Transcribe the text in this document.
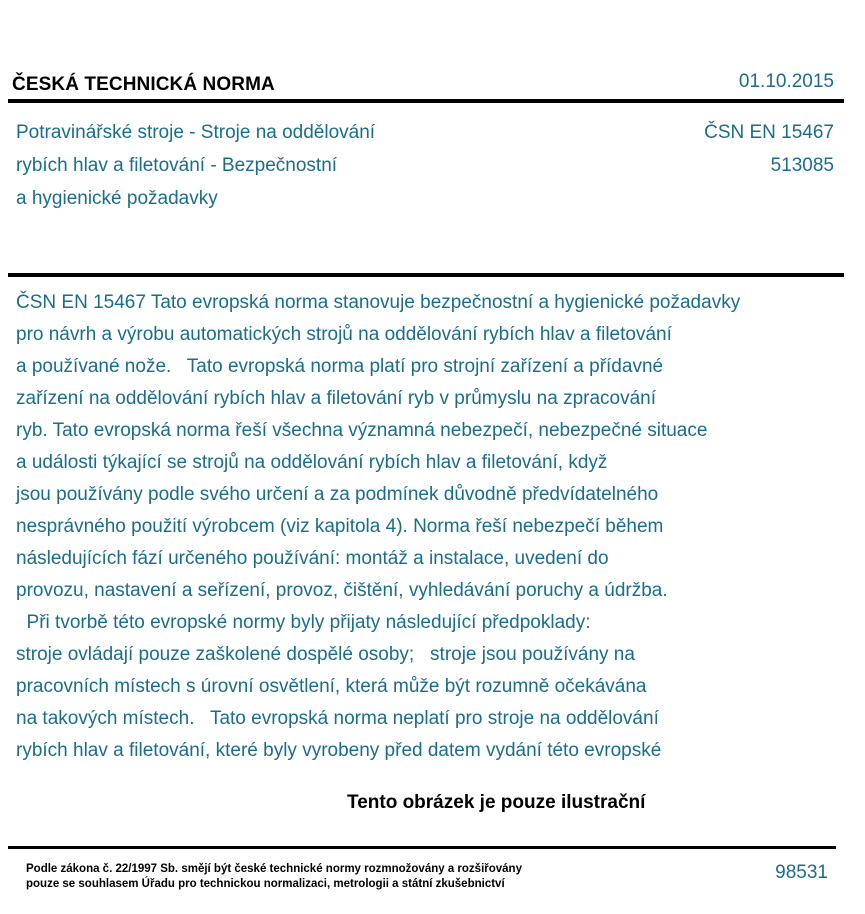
ČESKÁ TECHNICKÁ NORMA	01.10.2015
Potravinářské stroje - Stroje na oddělování
rybích hlav a filetování - Bezpečnostní
a hygienické požadavky
ČSN EN 15467
513085
ČSN EN 15467 Tato evropská norma stanovuje bezpečnostní a hygienické požadavky
pro návrh a výrobu automatických strojů na oddělování rybích hlav a filetování
a používané nože.   Tato evropská norma platí pro strojní zařízení a přídavné
zařízení na oddělování rybích hlav a filetování ryb v průmyslu na zpracování
ryb. Tato evropská norma řeší všechna významná nebezpečí, nebezpečné situace
a události týkající se strojů na oddělování rybích hlav a filetování, když
jsou používány podle svého určení a za podmínek důvodně předvídatelného
nesprávného použití výrobcem (viz kapitola 4). Norma řeší nebezpečí během
následujících fází určeného používání: montáž a instalace, uvedení do
provozu, nastavení a seřízení, provoz, čištění, vyhledávání poruchy a údržba.
Při tvorbě této evropské normy byly přijaty následující předpoklady:
stroje ovládají pouze zaškolené dospělé osoby;   stroje jsou používány na
pracovních místech s úrovní osvětlení, která může být rozumně očekávána
na takových místech.   Tato evropská norma neplatí pro stroje na oddělování
rybích hlav a filetování, které byly vyrobeny před datem vydání této evropské
Tento obrázek je pouze ilustrační
Podle zákona č. 22/1997 Sb. smějí být české technické normy rozmnožovány a rozšiřovány
pouze se souhlasem Úřadu pro technickou normalizaci, metrologii a státní zkušebnictví
98531
